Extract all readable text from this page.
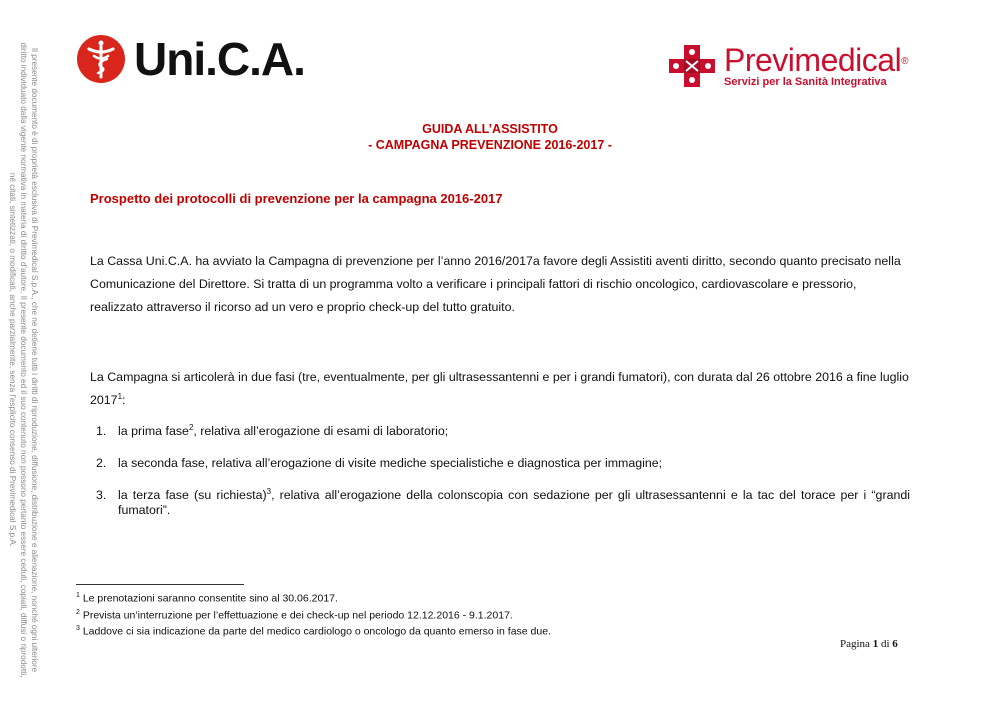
Il presente documento è di proprietà esclusiva di Previmedical S.p.A., che ne detiene tutti i diritti di riproduzione, diffusione, distribuzione e alienazione, nonché ogni ulteriore
diritto individuato dalla vigente normativa in materia di diritto d'autore. Il presente documento ed il suo contenuto non possono pertanto essere ceduti, copiati, diffusi o riprodotti,
né citati, sintetizzati, o modificati, anche parzialmente, senza l'esplicito consenso di Previmedical S.p.A.
Uni.C.A.	Previmedical®
Servizi per la Sanità Integrativa
GUIDA ALL’ASSISTITO
- CAMPAGNA PREVENZIONE 2016-2017 -
Prospetto dei protocolli di prevenzione per la campagna 2016-2017
La Cassa Uni.C.A. ha avviato la Campagna di prevenzione per l’anno 2016/2017a favore degli Assistiti aventi diritto, secondo quanto precisato nella Comunicazione del Direttore. Si tratta di un programma volto a verificare i principali fattori di rischio oncologico, cardiovascolare e pressorio, realizzato attraverso il ricorso ad un vero e proprio check-up del tutto gratuito.
La Campagna si articolerà in due fasi (tre, eventualmente, per gli ultrasessantenni e per i grandi fumatori), con durata dal 26 ottobre 2016 a fine luglio 2017$^1$:
1. la prima fase$^2$, relativa all’erogazione di esami di laboratorio;
2. la seconda fase, relativa all’erogazione di visite mediche specialistiche e diagnostica per immagine;
3. la terza fase (su richiesta)$^3$, relativa all’erogazione della colonscopia con sedazione per gli ultrasessantenni e la tac del torace per i “grandi fumatori”.
$^1$ Le prenotazioni saranno consentite sino al 30.06.2017.
$^2$ Prevista un’interruzione per l’effettuazione e dei check-up nel periodo 12.12.2016 - 9.1.2017.
$^3$ Laddove ci sia indicazione da parte del medico cardiologo o oncologo da quanto emerso in fase due.
Pagina 1 di 6
